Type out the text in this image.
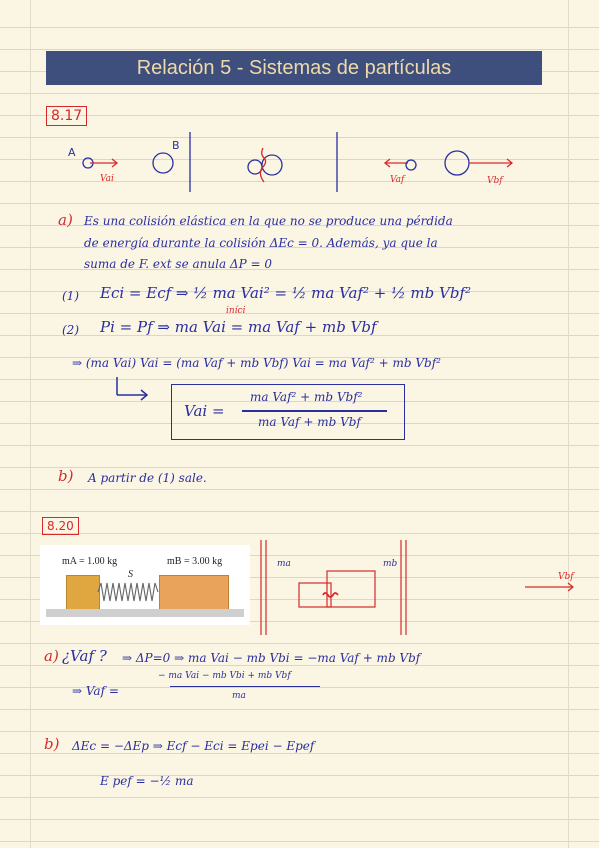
Relación 5 - Sistemas de partículas
8.17
A
Vai
B
Vaf	Vbf
a) Es una colisión elástica en la que no se produce una pérdida
de energía durante la colisión ΔEc = 0. Además, ya que la
suma de F. ext se anula ΔP = 0
(1) Eci = Ecf ⇒ ½ ma Vai² = ½ ma Vaf² + ½ mb Vbf²
iníci
(2) Pi = Pf ⇒ ma Vai = ma Vaf + mb Vbf
⇒ (ma Vai) Vai = (ma Vaf + mb Vbf) Vai = ma Vaf² + mb Vbf²
Vai =
ma Vaf² + mb Vbf²
ma Vaf + mb Vbf
b) A partir de (1) sale.
8.20
mA = 1.00 kg	mB = 3.00 kg
S
ma	mb
Vbf
a) ¿Vaf ? ⇒ ΔP=0 ⇒ ma Vai − mb Vbi = −ma Vaf + mb Vbf
⇒ Vaf =
− ma Vai − mb Vbi + mb Vbf
ma
b) ΔEc = −ΔEp ⇒ Ecf − Eci = Epei − Epef
E pef = −½ ma
